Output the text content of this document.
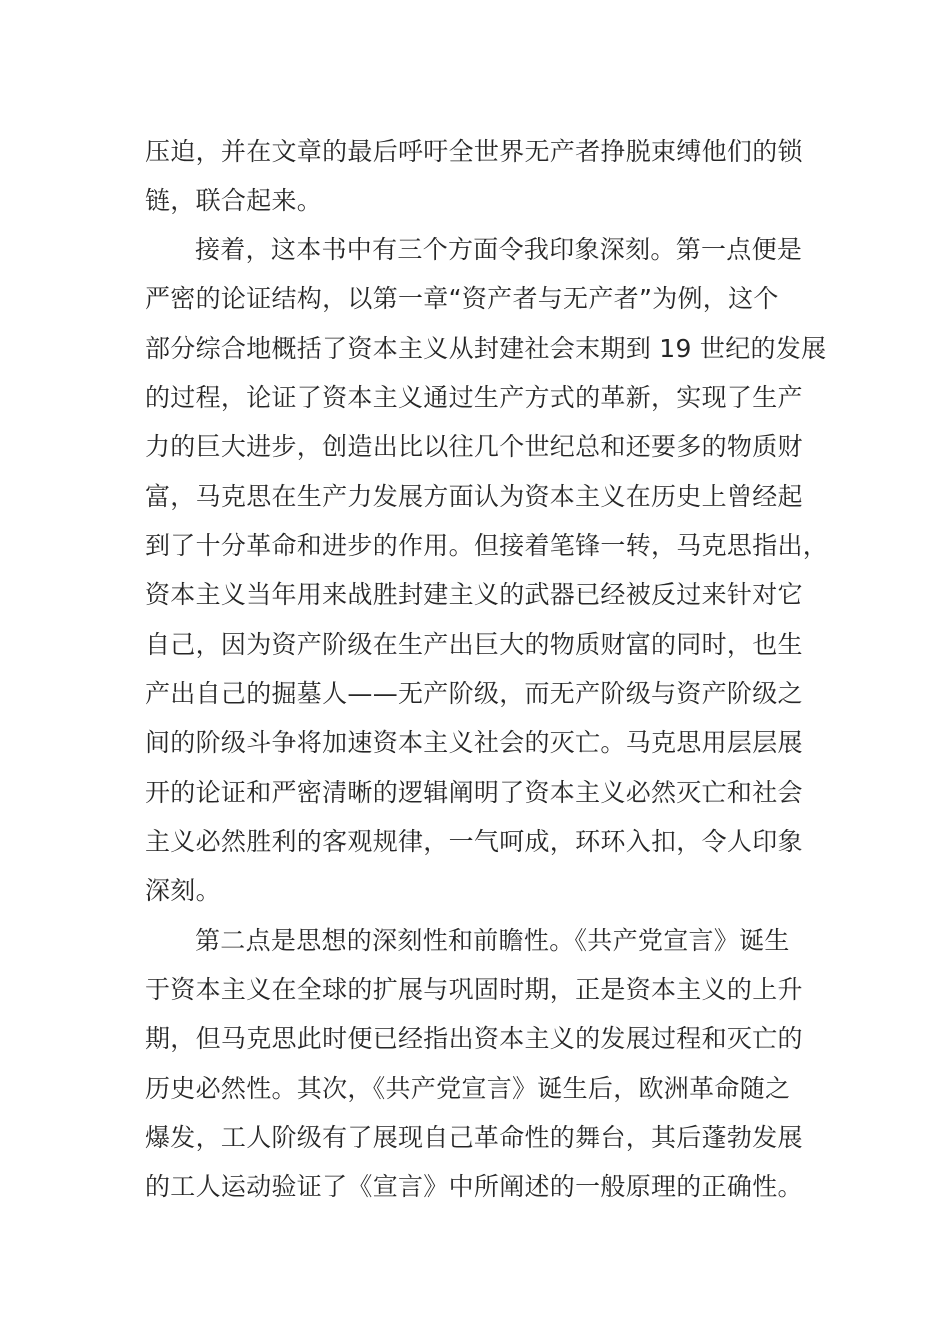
压迫，并在文章的最后呼吁全世界无产者挣脱束缚他们的锁
链，联合起来。
接着，这本书中有三个方面令我印象深刻。第一点便是
严密的论证结构，以第一章“资产者与无产者”为例，这个
部分综合地概括了资本主义从封建社会末期到 19 世纪的发展
的过程，论证了资本主义通过生产方式的革新，实现了生产
力的巨大进步，创造出比以往几个世纪总和还要多的物质财
富，马克思在生产力发展方面认为资本主义在历史上曾经起
到了十分革命和进步的作用。但接着笔锋一转，马克思指出，
资本主义当年用来战胜封建主义的武器已经被反过来针对它
自己，因为资产阶级在生产出巨大的物质财富的同时，也生
产出自己的掘墓人——无产阶级，而无产阶级与资产阶级之
间的阶级斗争将加速资本主义社会的灭亡。马克思用层层展
开的论证和严密清晰的逻辑阐明了资本主义必然灭亡和社会
主义必然胜利的客观规律，一气呵成，环环入扣，令人印象
深刻。
第二点是思想的深刻性和前瞻性。《共产党宣言》诞生
于资本主义在全球的扩展与巩固时期，正是资本主义的上升
期，但马克思此时便已经指出资本主义的发展过程和灭亡的
历史必然性。其次，《共产党宣言》诞生后，欧洲革命随之
爆发，工人阶级有了展现自己革命性的舞台，其后蓬勃发展
的工人运动验证了《宣言》中所阐述的一般原理的正确性。
